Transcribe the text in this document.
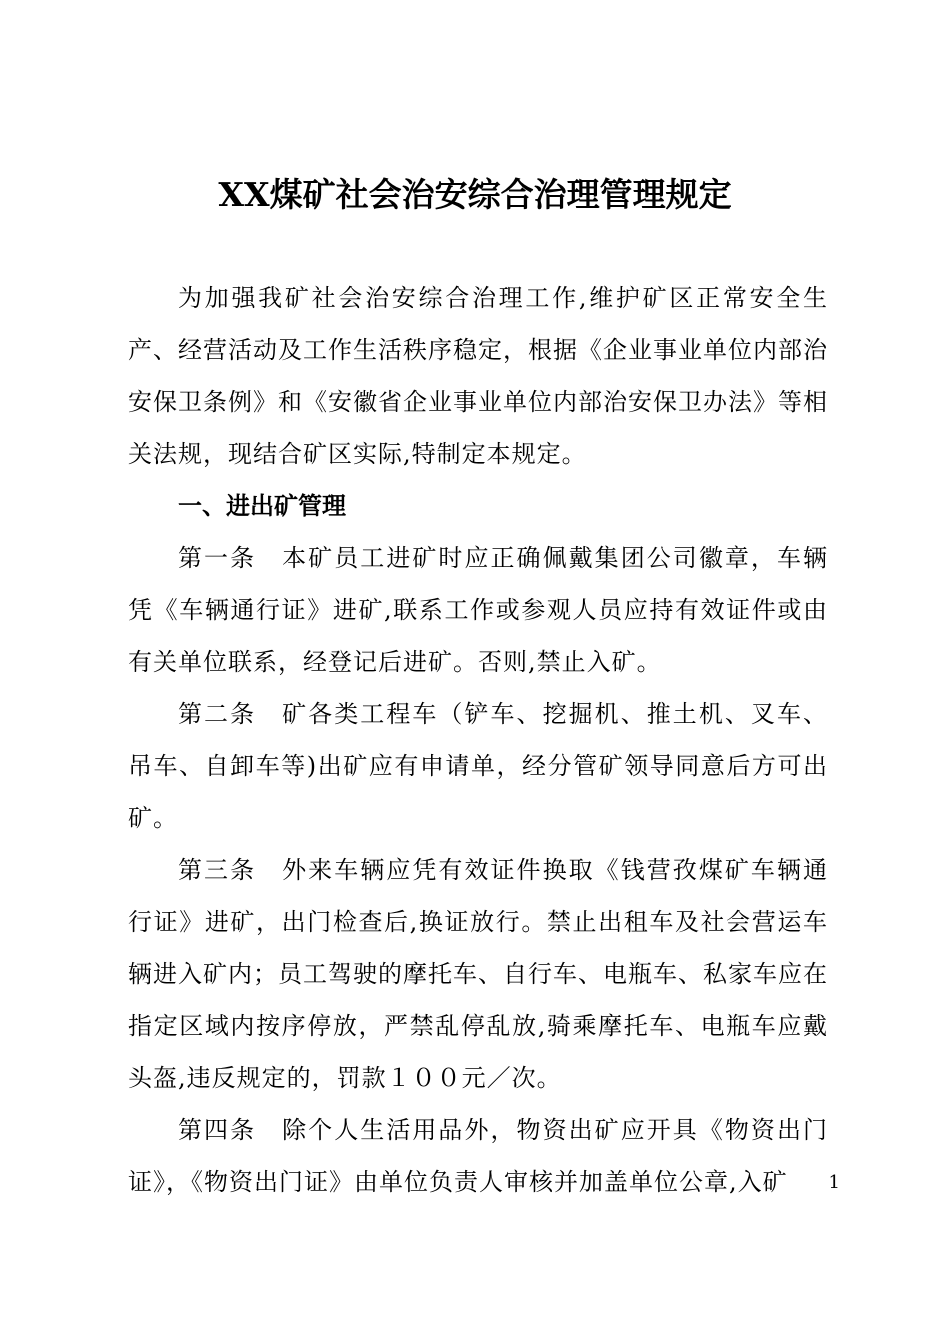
XX煤矿社会治安综合治理管理规定

为加强我矿社会治安综合治理工作,维护矿区正常安全生产、经营活动及工作生活秩序稳定，根据《企业事业单位内部治安保卫条例》和《安徽省企业事业单位内部治安保卫办法》等相关法规，现结合矿区实际,特制定本规定。

一、进出矿管理

第一条 本矿员工进矿时应正确佩戴集团公司徽章，车辆凭《车辆通行证》进矿,联系工作或参观人员应持有效证件或由有关单位联系，经登记后进矿。否则,禁止入矿。

第二条 矿各类工程车（铲车、挖掘机、推土机、叉车、吊车、自卸车等)出矿应有申请单，经分管矿领导同意后方可出矿。

第三条 外来车辆应凭有效证件换取《钱营孜煤矿车辆通行证》进矿，出门检查后,换证放行。禁止出租车及社会营运车辆进入矿内；员工驾驶的摩托车、自行车、电瓶车、私家车应在指定区域内按序停放，严禁乱停乱放,骑乘摩托车、电瓶车应戴头盔,违反规定的，罚款１００元／次。

第四条 除个人生活用品外，物资出矿应开具《物资出门证》，《物资出门证》由单位负责人审核并加盖单位公章,入矿	1
